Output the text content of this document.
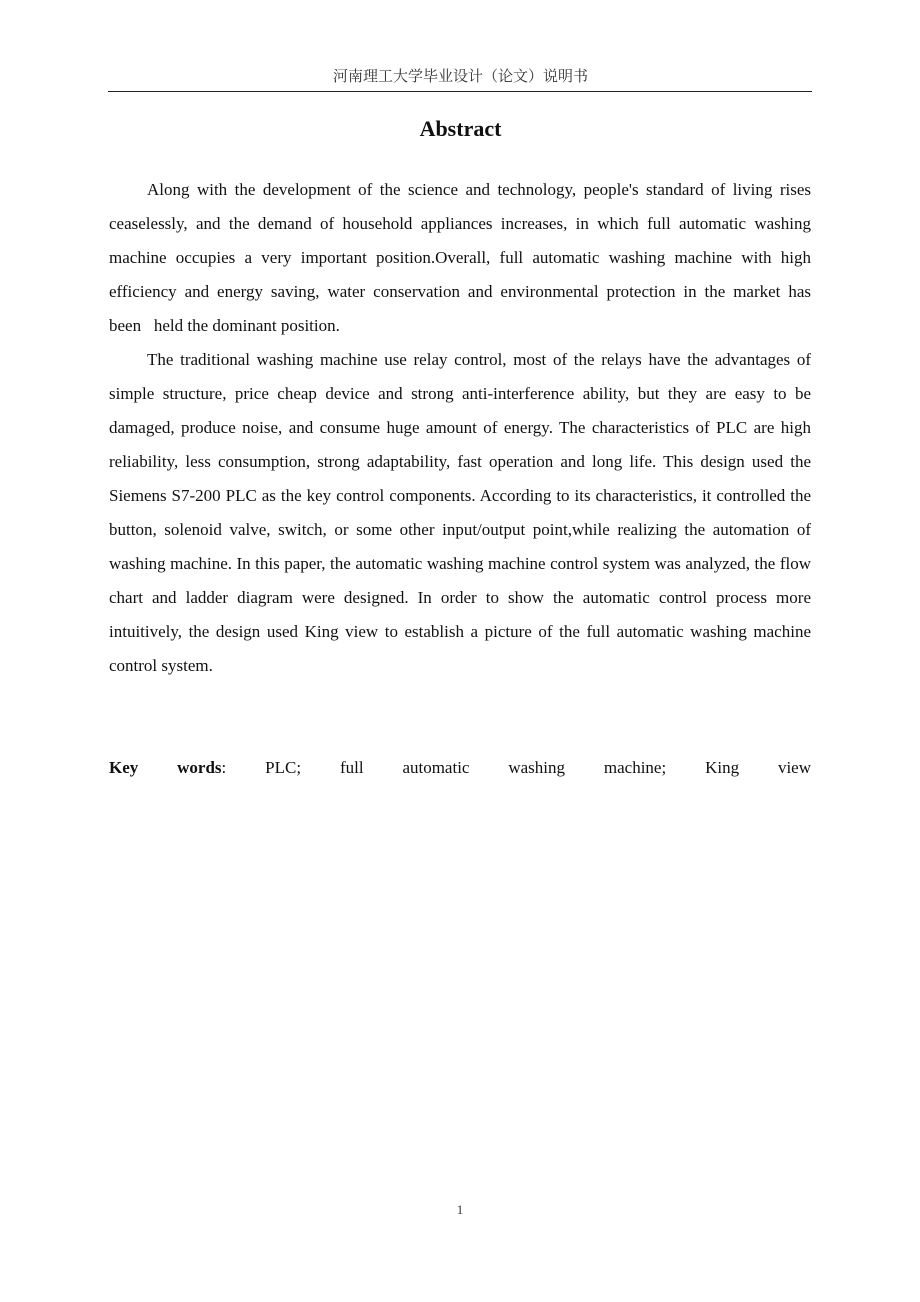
河南理工大学毕业设计（论文）说明书
Abstract

Along with the development of the science and technology, people's standard of living rises ceaselessly, and the demand of household appliances increases, in which full automatic washing machine occupies a very important position.Overall, full automatic washing machine with high efficiency and energy saving, water conservation and environmental protection in the market has been   held the dominant position.

The traditional washing machine use relay control, most of the relays have the advantages of simple structure, price cheap device and strong anti-interference ability, but they are easy to be damaged, produce noise, and consume huge amount of energy. The characteristics of PLC are high reliability, less consumption, strong adaptability, fast operation and long life. This design used the Siemens S7-200 PLC as the key control components. According to its characteristics, it controlled the button, solenoid valve, switch, or some other input/output point,while realizing the automation of washing machine. In this paper, the automatic washing machine control system was analyzed, the flow chart and ladder diagram were designed. In order to show the automatic control process more intuitively, the design used King view to establish a picture of the full automatic washing machine control system.

Key words: PLC; full automatic washing machine; King view
1
